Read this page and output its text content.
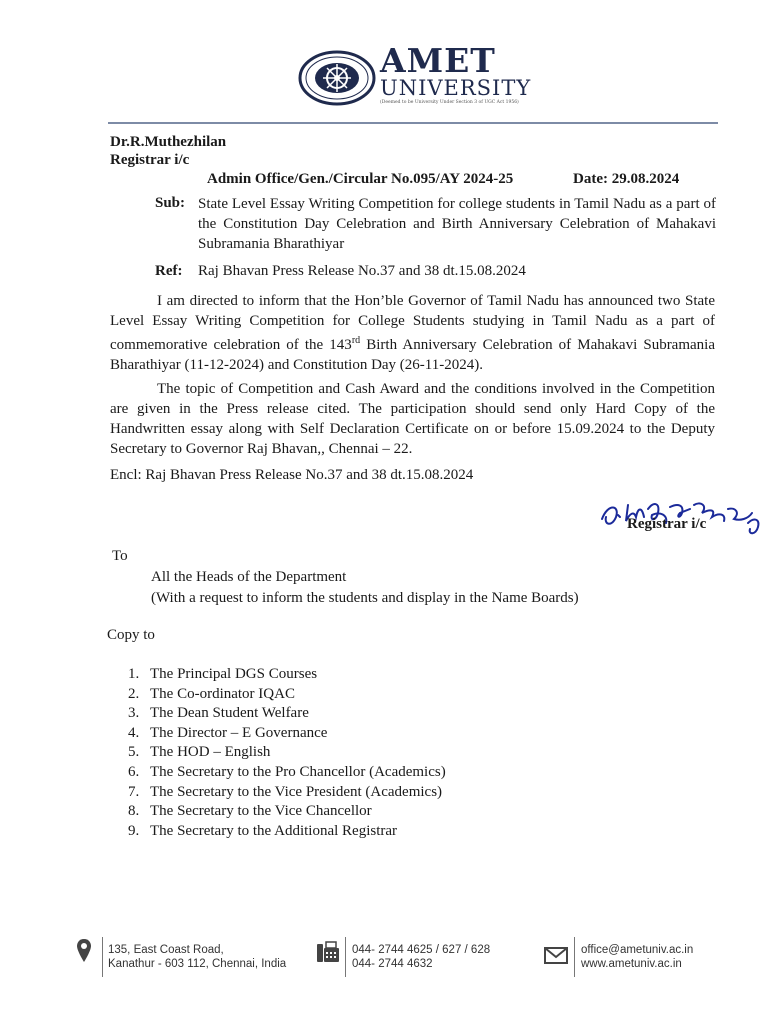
AMET
UNIVERSITY
(Deemed to be University Under Section 3 of UGC Act 1956)
Dr.R.Muthezhilan
Registrar i/c
Admin Office/Gen./Circular No.095/AY 2024-25	Date: 29.08.2024
Sub: State Level Essay Writing Competition for college students in Tamil Nadu as a part of the Constitution Day Celebration and Birth Anniversary Celebration of Mahakavi Subramania Bharathiyar
Ref: Raj Bhavan Press Release No.37 and 38 dt.15.08.2024
I am directed to inform that the Hon’ble Governor of Tamil Nadu has announced two State Level Essay Writing Competition for College Students studying in Tamil Nadu as a part of commemorative celebration of the 143rd Birth Anniversary Celebration of Mahakavi Subramania Bharathiyar (11-12-2024) and Constitution Day (26-11-2024).
The topic of Competition and Cash Award and the conditions involved in the Competition are given in the Press release cited. The participation should send only Hard Copy of the Handwritten essay along with Self Declaration Certificate on or before 15.09.2024 to the Deputy Secretary to Governor Raj Bhavan,, Chennai – 22.
Encl: Raj Bhavan Press Release No.37 and 38 dt.15.08.2024
Registrar i/c
To
All the Heads of the Department
(With a request to inform the students and display in the Name Boards)
Copy to
1. The Principal DGS Courses
2. The Co-ordinator IQAC
3. The Dean Student Welfare
4. The Director – E Governance
5. The HOD – English
6. The Secretary to the Pro Chancellor (Academics)
7. The Secretary to the Vice President (Academics)
8. The Secretary to the Vice Chancellor
9. The Secretary to the Additional Registrar
135, East Coast Road,
Kanathur - 603 112, Chennai, India
044- 2744 4625 / 627 / 628
044- 2744 4632
office@ametuniv.ac.in
www.ametuniv.ac.in
